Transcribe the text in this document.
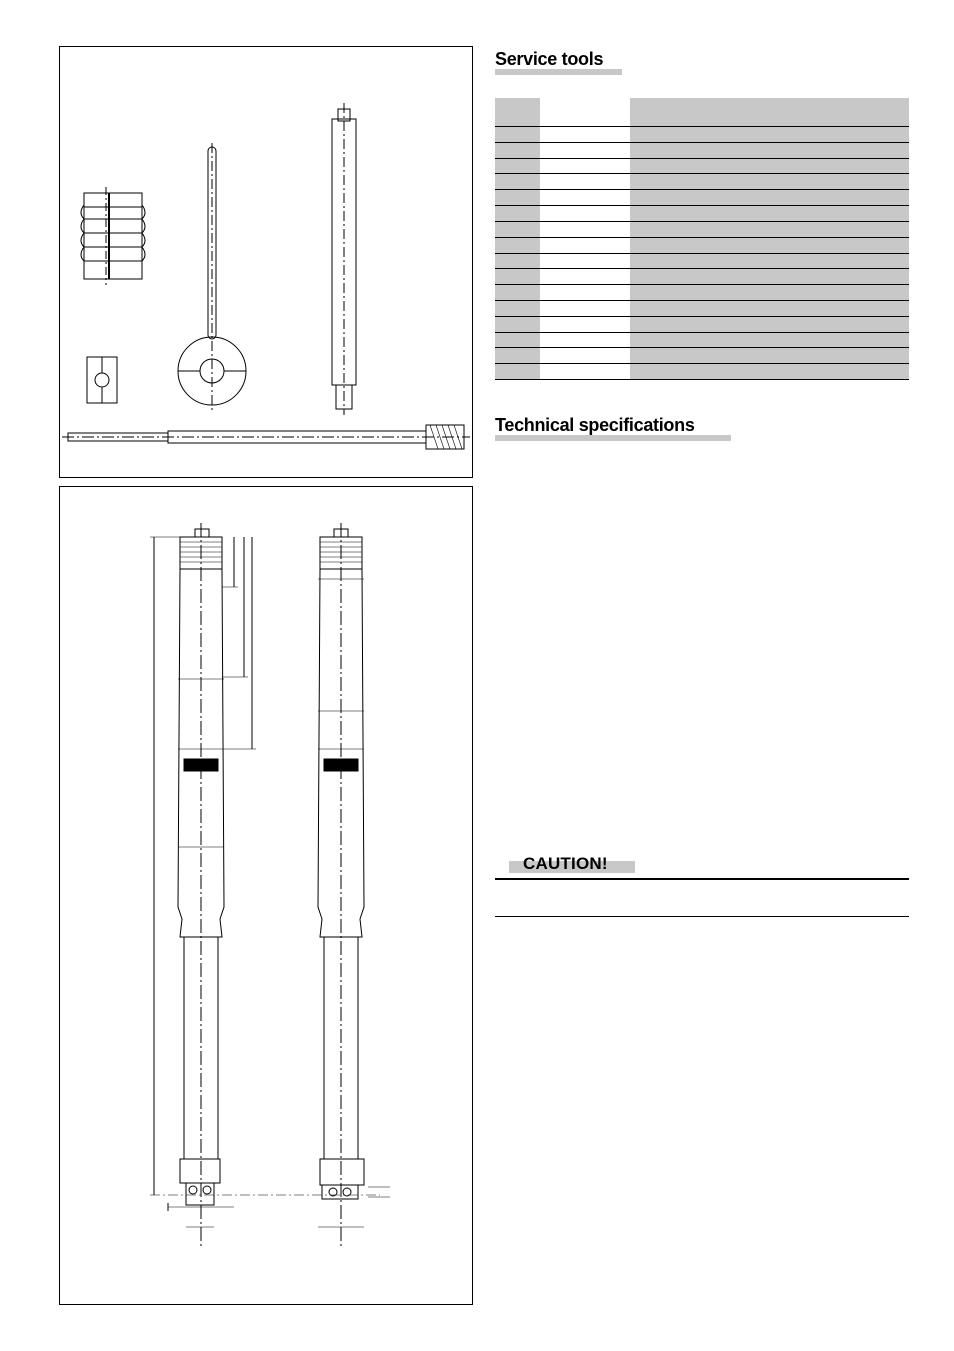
Service tools
Technical specifications
CAUTION!
